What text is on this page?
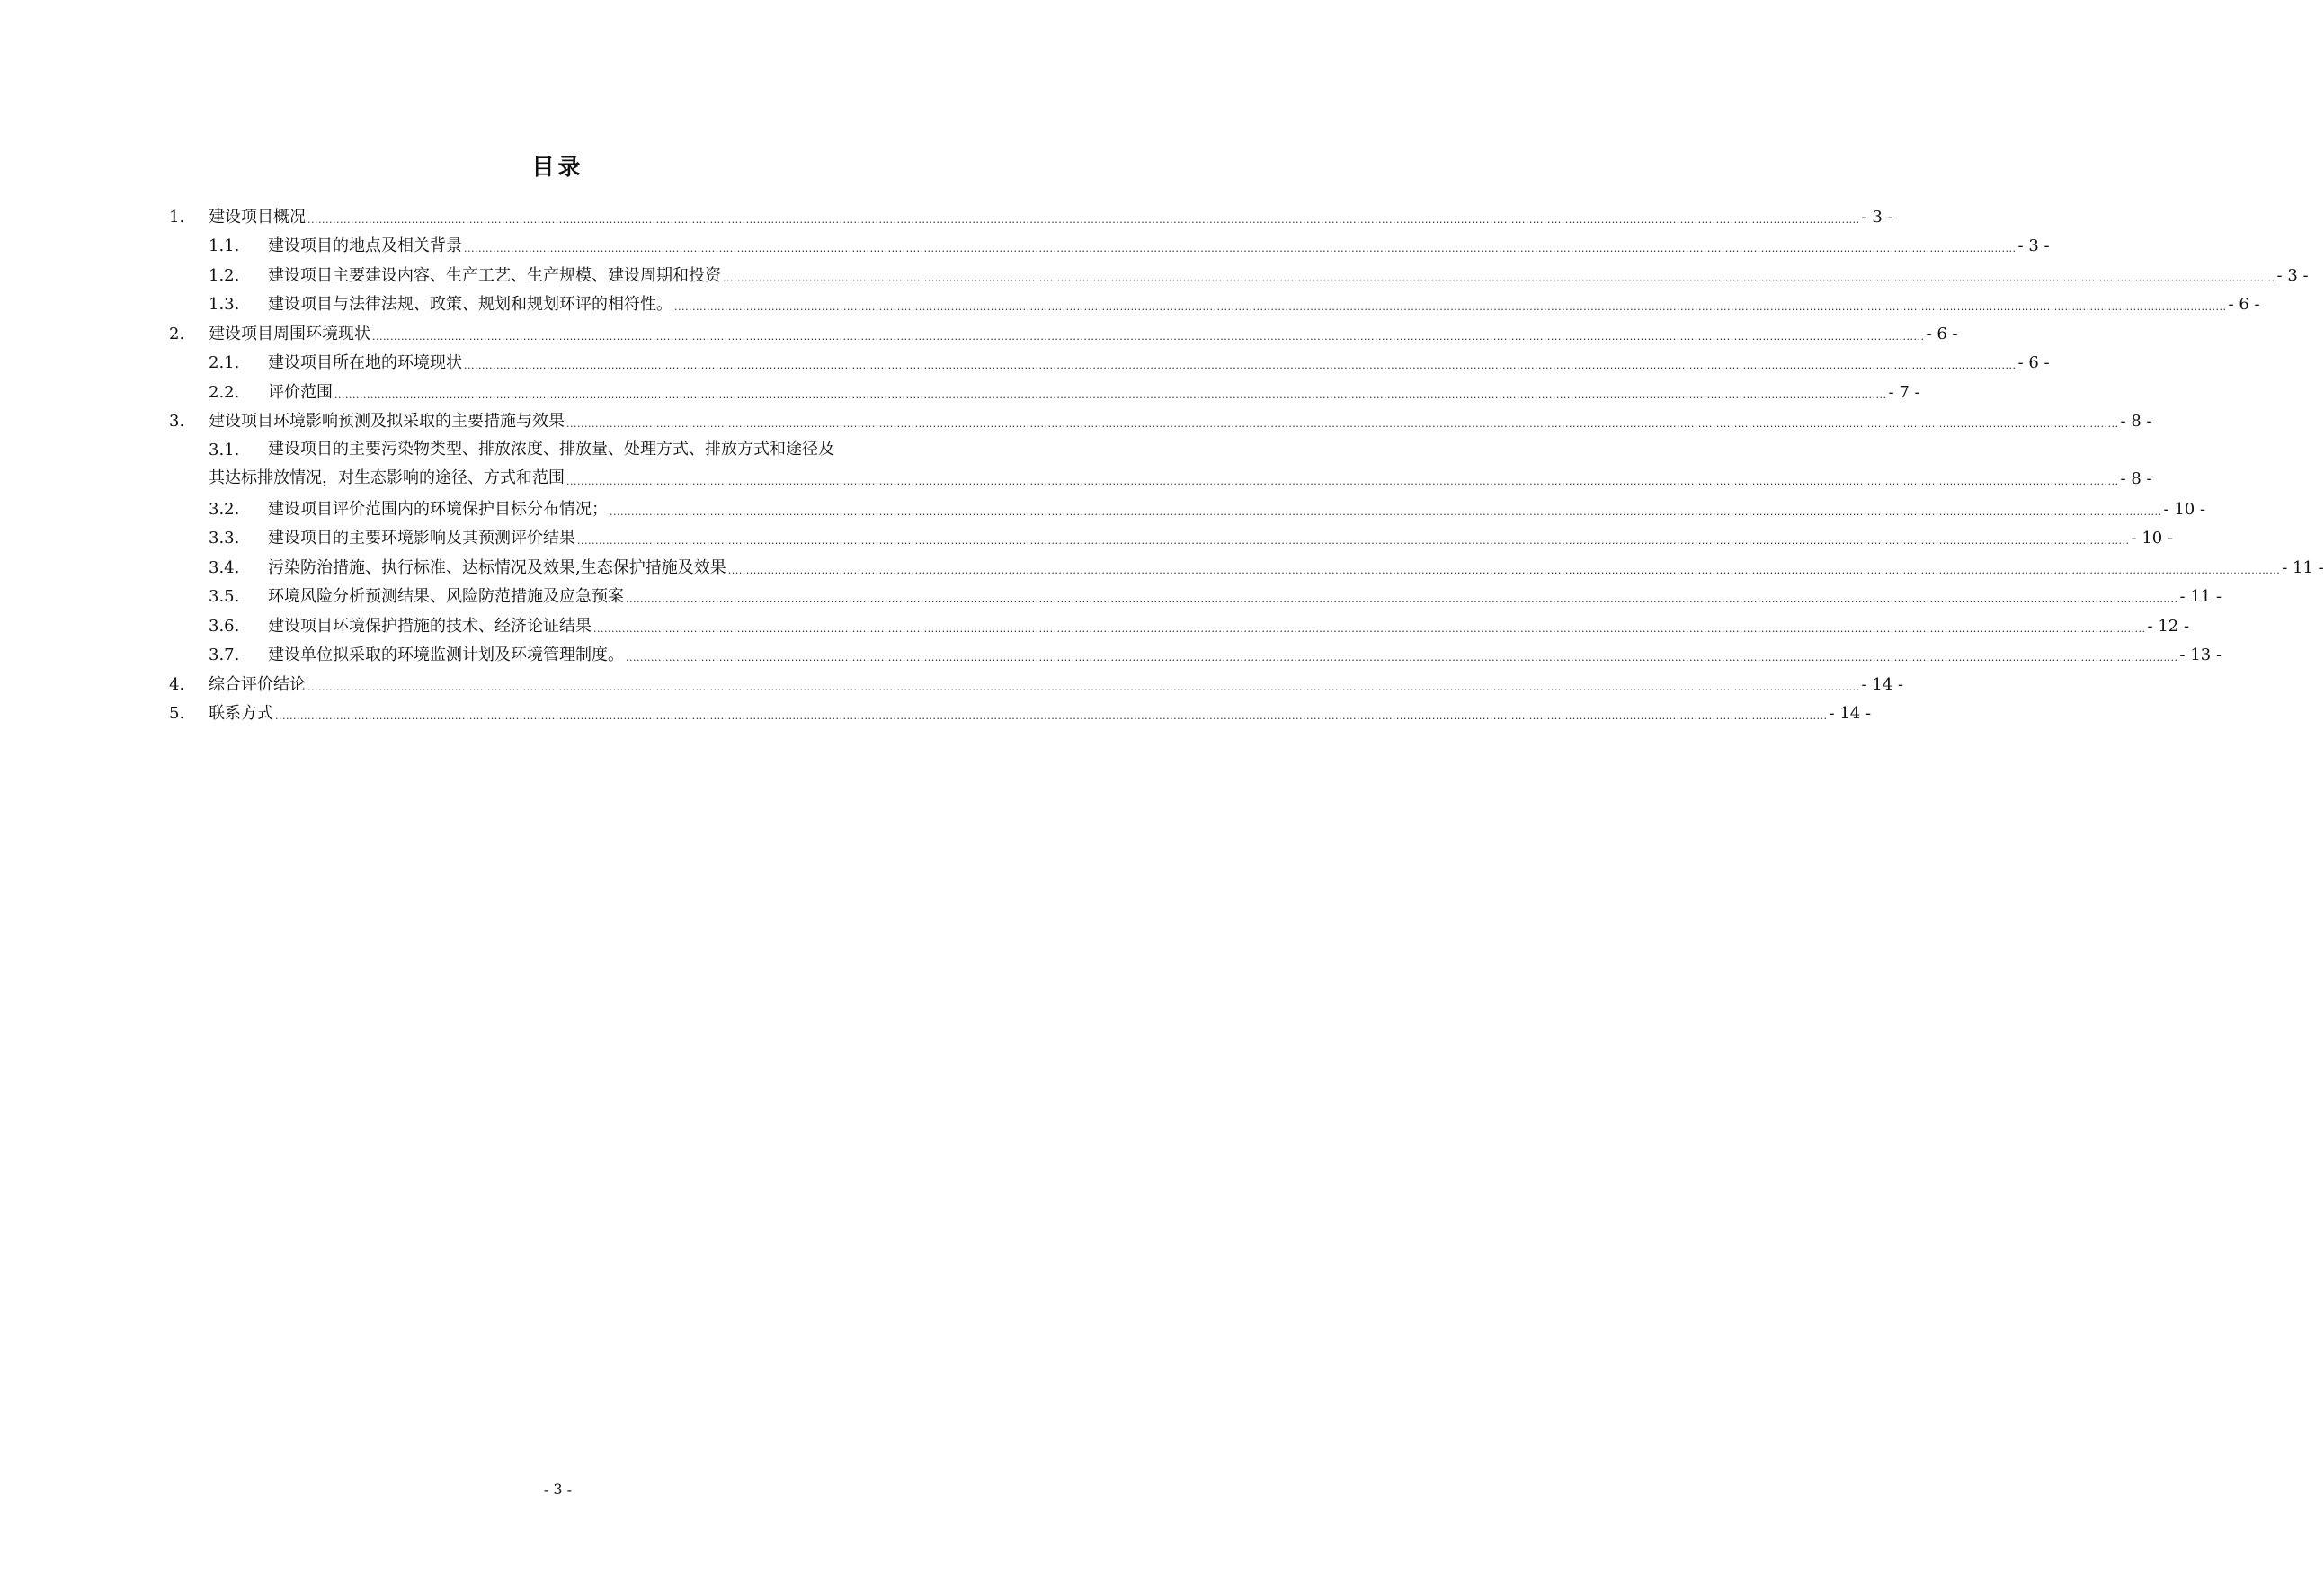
目录
1.	建设项目概况 ................................................................................................................................................................................................................................................................................................................................................................................................................................................ - 3 -
1.1.	建设项目的地点及相关背景 ................................................................................................................................................................................................................................................................................................................................................................................................................................................ - 3 -
1.2.	建设项目主要建设内容、生产工艺、生产规模、建设周期和投资 ................................................................................................................................................................................................................................................................................................................................................................................................................................................ - 3 -
1.3.	建设项目与法律法规、政策、规划和规划环评的相符性。 ................................................................................................................................................................................................................................................................................................................................................................................................................................................ - 6 -
2.	建设项目周围环境现状 ................................................................................................................................................................................................................................................................................................................................................................................................................................................ - 6 -
2.1.	建设项目所在地的环境现状 ................................................................................................................................................................................................................................................................................................................................................................................................................................................ - 6 -
2.2.	评价范围 ................................................................................................................................................................................................................................................................................................................................................................................................................................................ - 7 -
3.	建设项目环境影响预测及拟采取的主要措施与效果 ................................................................................................................................................................................................................................................................................................................................................................................................................................................ - 8 -
3.1.	建设项目的主要污染物类型、排放浓度、排放量、处理方式、排放方式和途径及
其达标排放情况，对生态影响的途径、方式和范围 ................................................................................................................................................................................................................................................................................................................................................................................................................................................ - 8 -
3.2.	建设项目评价范围内的环境保护目标分布情况； ................................................................................................................................................................................................................................................................................................................................................................................................................................................ - 10 -
3.3.	建设项目的主要环境影响及其预测评价结果 ................................................................................................................................................................................................................................................................................................................................................................................................................................................ - 10 -
3.4.	污染防治措施、执行标准、达标情况及效果,生态保护措施及效果 ................................................................................................................................................................................................................................................................................................................................................................................................................................................ - 11 -
3.5.	环境风险分析预测结果、风险防范措施及应急预案 ................................................................................................................................................................................................................................................................................................................................................................................................................................................ - 11 -
3.6.	建设项目环境保护措施的技术、经济论证结果 ................................................................................................................................................................................................................................................................................................................................................................................................................................................ - 12 -
3.7.	建设单位拟采取的环境监测计划及环境管理制度。 ................................................................................................................................................................................................................................................................................................................................................................................................................................................ - 13 -
4.	综合评价结论 ................................................................................................................................................................................................................................................................................................................................................................................................................................................ - 14 -
5.	联系方式 ................................................................................................................................................................................................................................................................................................................................................................................................................................................ - 14 -
- 3 -
